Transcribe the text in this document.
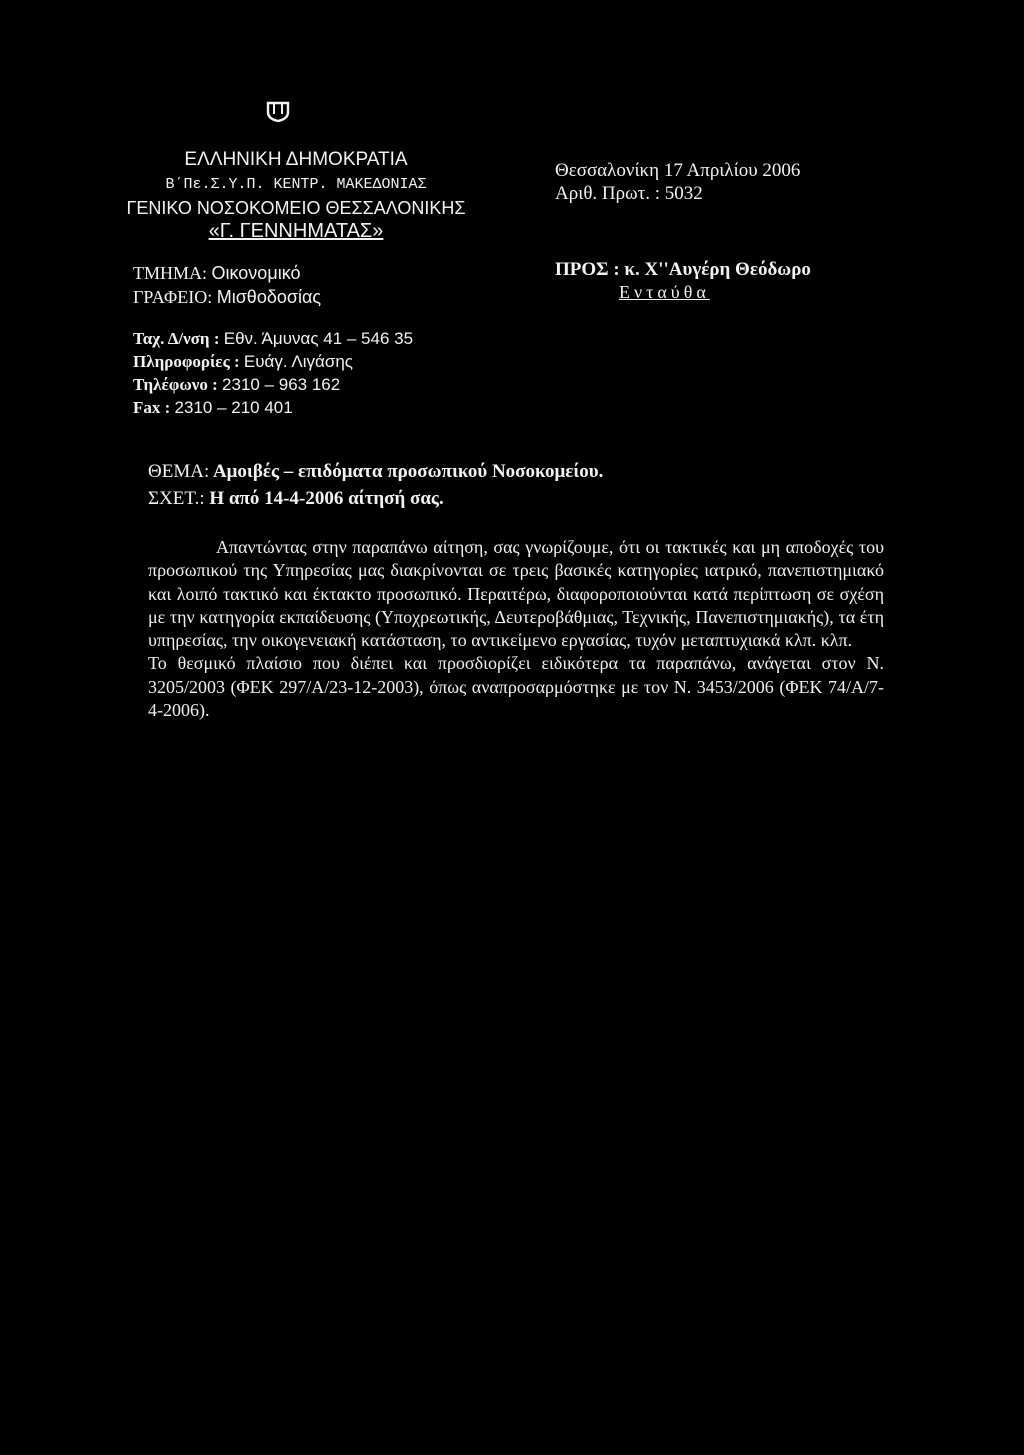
ΕΛΛΗΝΙΚΗ ΔΗΜΟΚΡΑΤΙΑ
Β΄Πε.Σ.Υ.Π. ΚΕΝΤΡ. ΜΑΚΕΔΟΝΙΑΣ
ΓΕΝΙΚΟ ΝΟΣΟΚΟΜΕΙΟ ΘΕΣΣΑΛΟΝΙΚΗΣ
«Γ. ΓΕΝΝΗΜΑΤΑΣ»
ΤΜΗΜΑ: Οικονομικό
ΓΡΑΦΕΙΟ: Μισθοδοσίας
Θεσσαλονίκη 17 Απριλίου 2006
Αριθ. Πρωτ. : 5032
ΠΡΟΣ : κ. Χ''Αυγέρη Θεόδωρο
Ενταύθα
Ταχ. Δ/νση : Εθν. Άμυνας 41 – 546 35
Πληροφορίες : Ευάγ. Λιγάσης
Τηλέφωνο : 2310 – 963 162
Fax : 2310 – 210 401
ΘΕΜΑ: Αμοιβές – επιδόματα προσωπικού Νοσοκομείου.
ΣΧΕΤ.: Η από 14-4-2006 αίτησή σας.

Απαντώντας στην παραπάνω αίτηση, σας γνωρίζουμε, ότι οι τακτικές και μη αποδοχές του προσωπικού της Υπηρεσίας μας διακρίνονται σε τρεις βασικές κατηγορίες ιατρικό, πανεπιστημιακό και λοιπό τακτικό και έκτακτο προσωπικό. Περαιτέρω, διαφοροποιούνται κατά περίπτωση σε σχέση με την κατηγορία εκπαίδευσης (Υποχρεωτικής, Δευτεροβάθμιας, Τεχνικής, Πανεπιστημιακής), τα έτη υπηρεσίας, την οικογενειακή κατάσταση, το αντικείμενο εργασίας, τυχόν μεταπτυχιακά κλπ. κλπ.

Το θεσμικό πλαίσιο που διέπει και προσδιορίζει ειδικότερα τα παραπάνω, ανάγεται στον Ν. 3205/2003 (ΦΕΚ 297/Α/23-12-2003), όπως αναπροσαρμόστηκε με τον Ν. 3453/2006 (ΦΕΚ 74/Α/7-4-2006).
